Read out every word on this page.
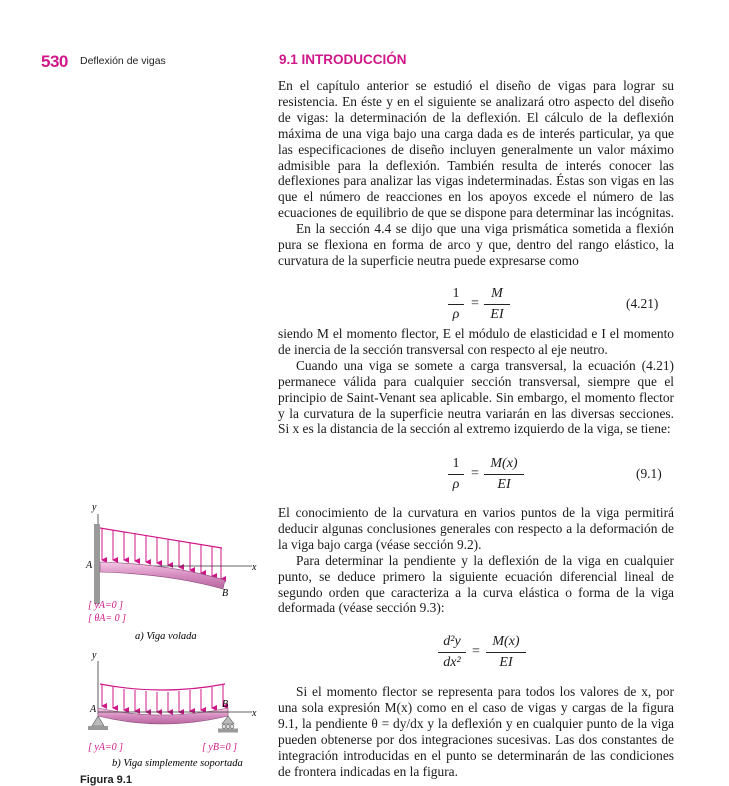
530 Deflexión de vigas	9.1 INTRODUCCIÓN

En el capítulo anterior se estudió el diseño de vigas para lograr su resistencia. En éste y en el siguiente se analizará otro aspecto del diseño de vigas: la determinación de la deflexión. El cálculo de la deflexión máxima de una viga bajo una carga dada es de interés particular, ya que las especificaciones de diseño incluyen generalmente un valor máximo admisible para la deflexión. También resulta de interés conocer las deflexiones para analizar las vigas indeterminadas. Éstas son vigas en las que el número de reacciones en los apoyos excede el número de las ecuaciones de equilibrio de que se dispone para determinar las incógnitas.

En la sección 4.4 se dijo que una viga prismática sometida a flexión pura se flexiona en forma de arco y que, dentro del rango elástico, la curvatura de la superficie neutra puede expresarse como

1
ρ
=
M
EI
(4.21)

siendo M el momento flector, E el módulo de elasticidad e I el momento de inercia de la sección transversal con respecto al eje neutro.

Cuando una viga se somete a carga transversal, la ecuación (4.21) permanece válida para cualquier sección transversal, siempre que el principio de Saint-Venant sea aplicable. Sin embargo, el momento flector y la curvatura de la superficie neutra variarán en las diversas secciones. Si x es la distancia de la sección al extremo izquierdo de la viga, se tiene:

1
ρ
=
M(x)
EI
(9.1)

El conocimiento de la curvatura en varios puntos de la viga permitirá deducir algunas conclusiones generales con respecto a la deformación de la viga bajo carga (véase sección 9.2).

Para determinar la pendiente y la deflexión de la viga en cualquier punto, se deduce primero la siguiente ecuación diferencial lineal de segundo orden que caracteriza a la curva elástica o forma de la viga deformada (véase sección 9.3):

d²y
dx²
=
M(x)
EI

Si el momento flector se representa para todos los valores de x, por una sola expresión M(x) como en el caso de vigas y cargas de la figura 9.1, la pendiente θ = dy/dx y la deflexión y en cualquier punto de la viga pueden obtenerse por dos integraciones sucesivas. Las dos constantes de integración introducidas en el punto se determinarán de las condiciones de frontera indicadas en la figura.

y
x
A
B
[ yA=0 ]
[ θA= 0 ]
a) Viga volada
y
x
A	B
[ yA=0 ]	[ yB=0 ]
b) Viga simplemente soportada
Figura 9.1
